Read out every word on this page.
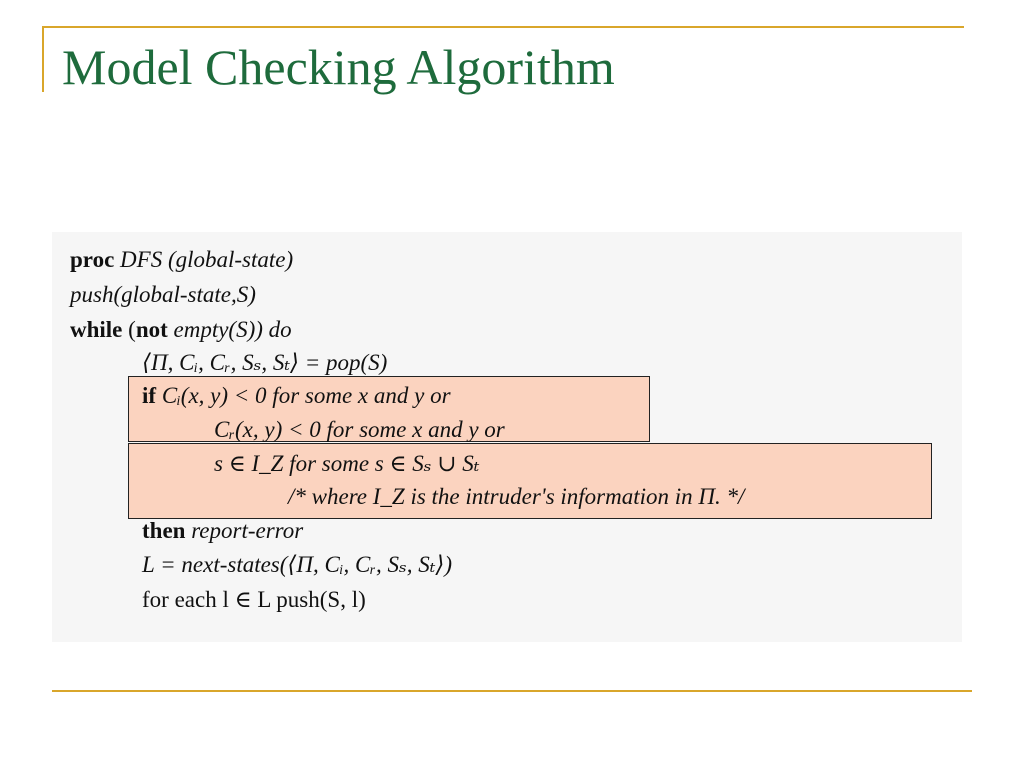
Model Checking Algorithm
proc DFS (global-state)
push(global-state,S)
while (not empty(S)) do
⟨Π, Cᵢ, Cᵣ, Sₛ, Sₜ⟩ = pop(S)
if Cᵢ(x, y) < 0 for some x and y or
Cᵣ(x, y) < 0 for some x and y or
s ∈ I_Z for some s ∈ Sₛ ∪ Sₜ
/* where I_Z is the intruder's information in Π. */
then report-error
L = next-states(⟨Π, Cᵢ, Cᵣ, Sₛ, Sₜ⟩)
for each l ∈ L push(S, l)
